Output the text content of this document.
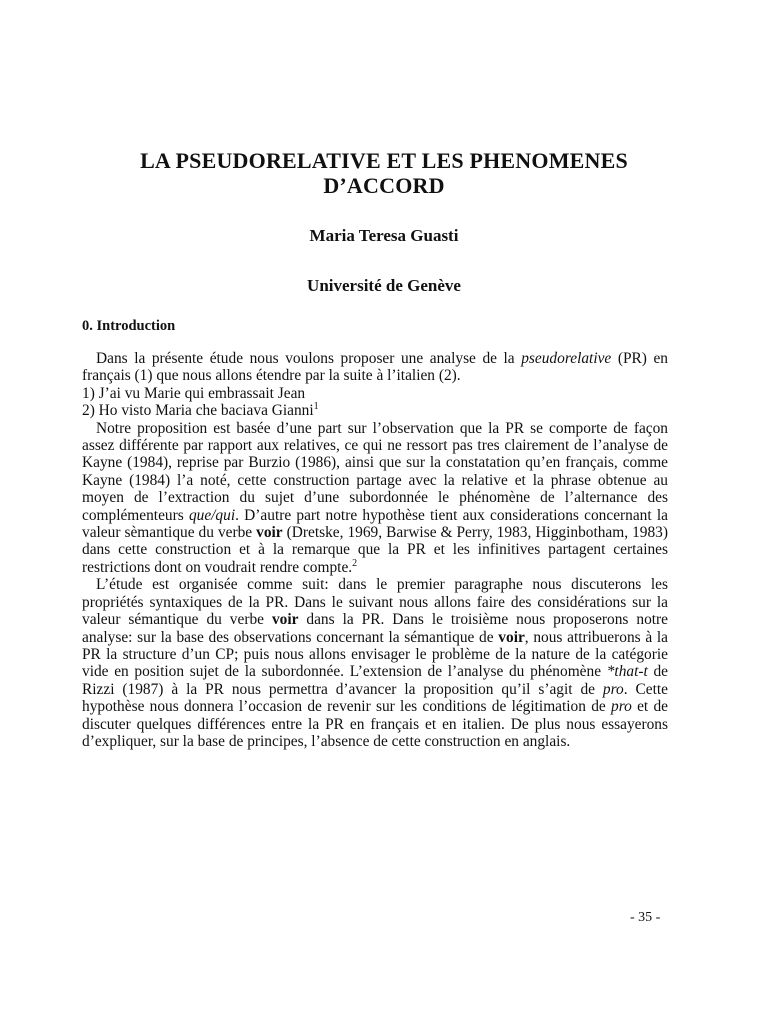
LA PSEUDORELATIVE ET LES PHENOMENES
D’ACCORD
Maria Teresa Guasti
Université de Genève
0. Introduction

Dans la présente étude nous voulons proposer une analyse de la pseudorelative (PR) en français (1) que nous allons étendre par la suite à l’italien (2).

1) J’ai vu Marie qui embrassait Jean

2) Ho visto Maria che baciava Gianni$^1$

Notre proposition est basée d’une part sur l’observation que la PR se comporte de façon assez différente par rapport aux relatives, ce qui ne ressort pas tres clairement de l’analyse de Kayne (1984), reprise par Burzio (1986), ainsi que sur la constatation qu’en français, comme Kayne (1984) l’a noté, cette construction partage avec la relative et la phrase obtenue au moyen de l’extraction du sujet d’une subordonnée le phénomène de l’alternance des complémenteurs que/qui. D’autre part notre hypothèse tient aux considerations concernant la valeur sèmantique du verbe voir (Dretske, 1969, Barwise & Perry, 1983, Higginbotham, 1983) dans cette construction et à la remarque que la PR et les infinitives partagent certaines restrictions dont on voudrait rendre compte.$^2$

L’étude est organisée comme suit: dans le premier paragraphe nous discuterons les propriétés syntaxiques de la PR. Dans le suivant nous allons faire des considérations sur la valeur sémantique du verbe voir dans la PR. Dans le troisième nous proposerons notre analyse: sur la base des observations concernant la sémantique de voir, nous attribuerons à la PR la structure d’un CP; puis nous allons envisager le problème de la nature de la catégorie vide en position sujet de la subordonnée. L’extension de l’analyse du phénomène *that-t de Rizzi (1987) à la PR nous permettra d’avancer la proposition qu’il s’agit de pro. Cette hypothèse nous donnera l’occasion de revenir sur les conditions de légitimation de pro et de discuter quelques différences entre la PR en français et en italien. De plus nous essayerons d’expliquer, sur la base de principes, l’absence de cette construction en anglais.

- 35 -
